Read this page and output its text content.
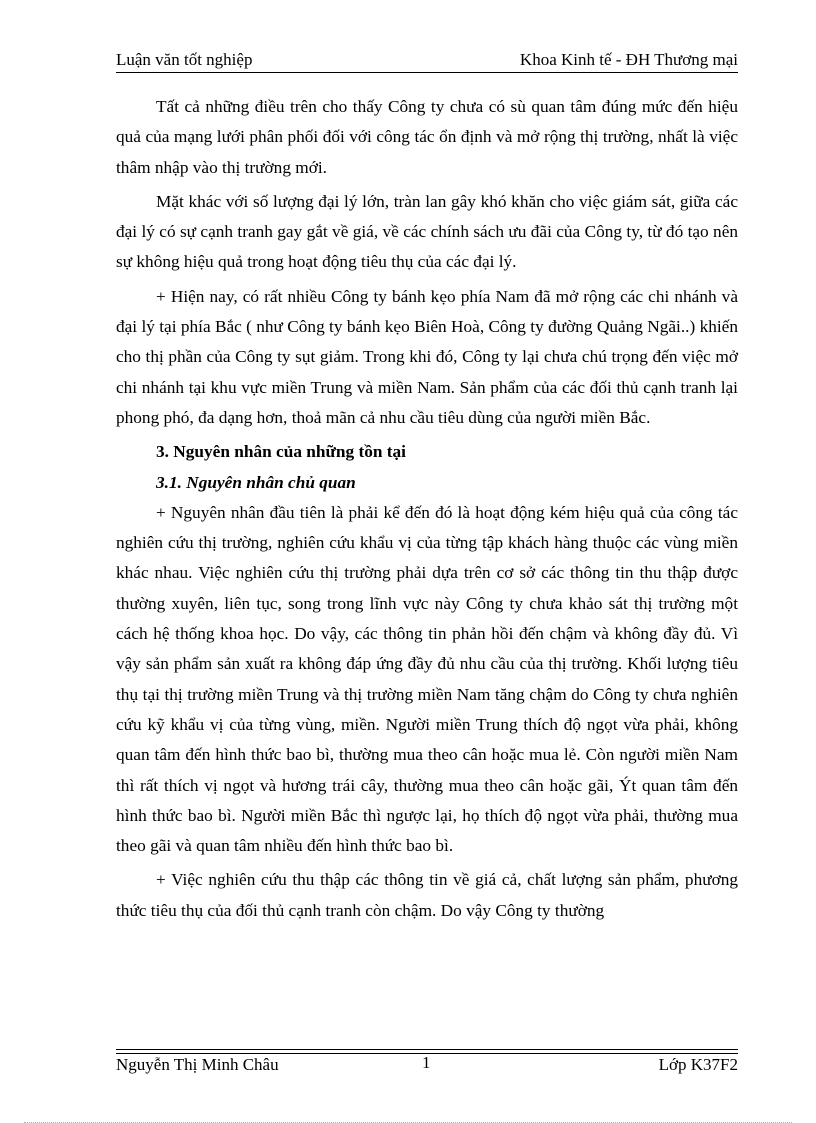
Luận văn tốt nghiệp	Khoa Kinh tế - ĐH Thương mại

Tất cả những điều trên cho thấy Công ty chưa có sù quan tâm đúng mức đến hiệu quả của mạng lưới phân phối đối với công tác ổn định và mở rộng thị trường, nhất là việc thâm nhập vào thị trường mới.

Mặt khác với số lượng đại lý lớn, tràn lan gây khó khăn cho việc giám sát, giữa các đại lý có sự cạnh tranh gay gắt về giá, về các chính sách ưu đãi của Công ty, từ đó tạo nên sự không hiệu quả trong hoạt động tiêu thụ của các đại lý.

+ Hiện nay, có rất nhiều Công ty bánh kẹo phía Nam đã mở rộng các chi nhánh và đại lý tại phía Bắc ( như Công ty bánh kẹo Biên Hoà, Công ty đường Quảng Ngãi..) khiến cho thị phần của Công ty sụt giảm. Trong khi đó, Công ty lại chưa chú trọng đến việc mở chi nhánh tại khu vực miền Trung và miền Nam. Sản phẩm của các đối thủ cạnh tranh lại phong phó, đa dạng hơn, thoả mãn cả nhu cầu tiêu dùng của người miền Bắc.

3. Nguyên nhân của những tồn tại

3.1. Nguyên nhân chủ quan

+ Nguyên nhân đầu tiên là phải kể đến đó là hoạt động kém hiệu quả của công tác nghiên cứu thị trường, nghiên cứu khẩu vị của từng tập khách hàng thuộc các vùng miền khác nhau. Việc nghiên cứu thị trường phải dựa trên cơ sở các thông tin thu thập được thường xuyên, liên tục, song trong lĩnh vực này Công ty chưa khảo sát thị trường một cách hệ thống khoa học. Do vậy, các thông tin phản hồi đến chậm và không đầy đủ. Vì vậy sản phẩm sản xuất ra không đáp ứng đầy đủ nhu cầu của thị trường. Khối lượng tiêu thụ tại thị trường miền Trung và thị trường miền Nam tăng chậm do Công ty chưa nghiên cứu kỹ khẩu vị của từng vùng, miền. Người miền Trung thích độ ngọt vừa phải, không quan tâm đến hình thức bao bì, thường mua theo cân hoặc mua lẻ. Còn người miền Nam thì rất thích vị ngọt và hương trái cây, thường mua theo cân hoặc gãi, Ýt quan tâm đến hình thức bao bì. Người miền Bắc thì ngược lại, họ thích độ ngọt vừa phải, thường mua theo gãi và quan tâm nhiều đến hình thức bao bì.

+ Việc nghiên cứu thu thập các thông tin về giá cả, chất lượng sản phẩm, phương thức tiêu thụ của đối thủ cạnh tranh còn chậm. Do vậy Công ty thường

Nguyễn Thị Minh Châu	1	Lớp K37F2
